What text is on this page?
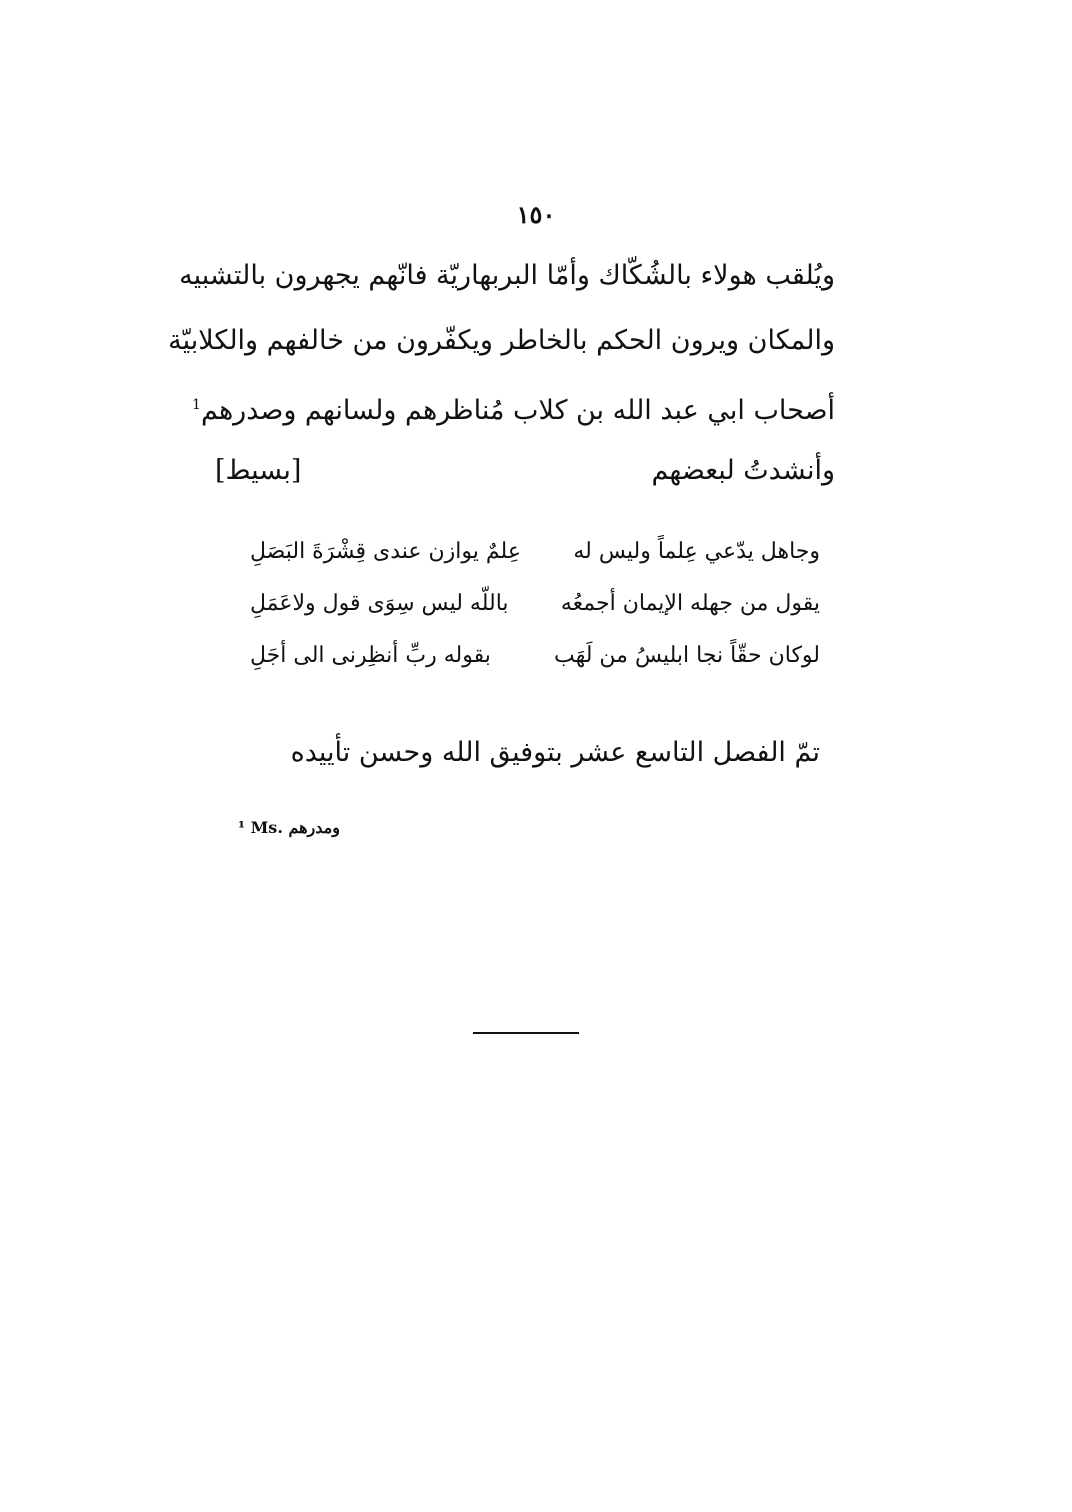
١٥٠
ويُلقب هولاء بالشُكّاك وأمّا البربهاريّة فانّهم يجهرون بالتشبيه
والمكان ويرون الحكم بالخاطر ويكفّرون من خالفهم والكلابيّة
أصحاب ابي عبد الله بن كلاب مُناظرهم ولسانهم وصدرهم$^1$
وأنشدتُ لبعضهم
[بسيط]
وجاهل يدّعي عِلماً وليس له
عِلمٌ يوازن عندى قِشْرَةَ البَصَلِ
يقول من جهله الإيمان أجمعُه
باللّه ليس سِوَى قول ولاعَمَلِ
لوكان حقّاً نجا ابليسُ من لَهَب
بقوله ربِّ أنظِرنى الى أجَلِ
تمّ الفصل التاسع عشر بتوفيق الله وحسن تأييده
¹ Ms. ومدرهم
